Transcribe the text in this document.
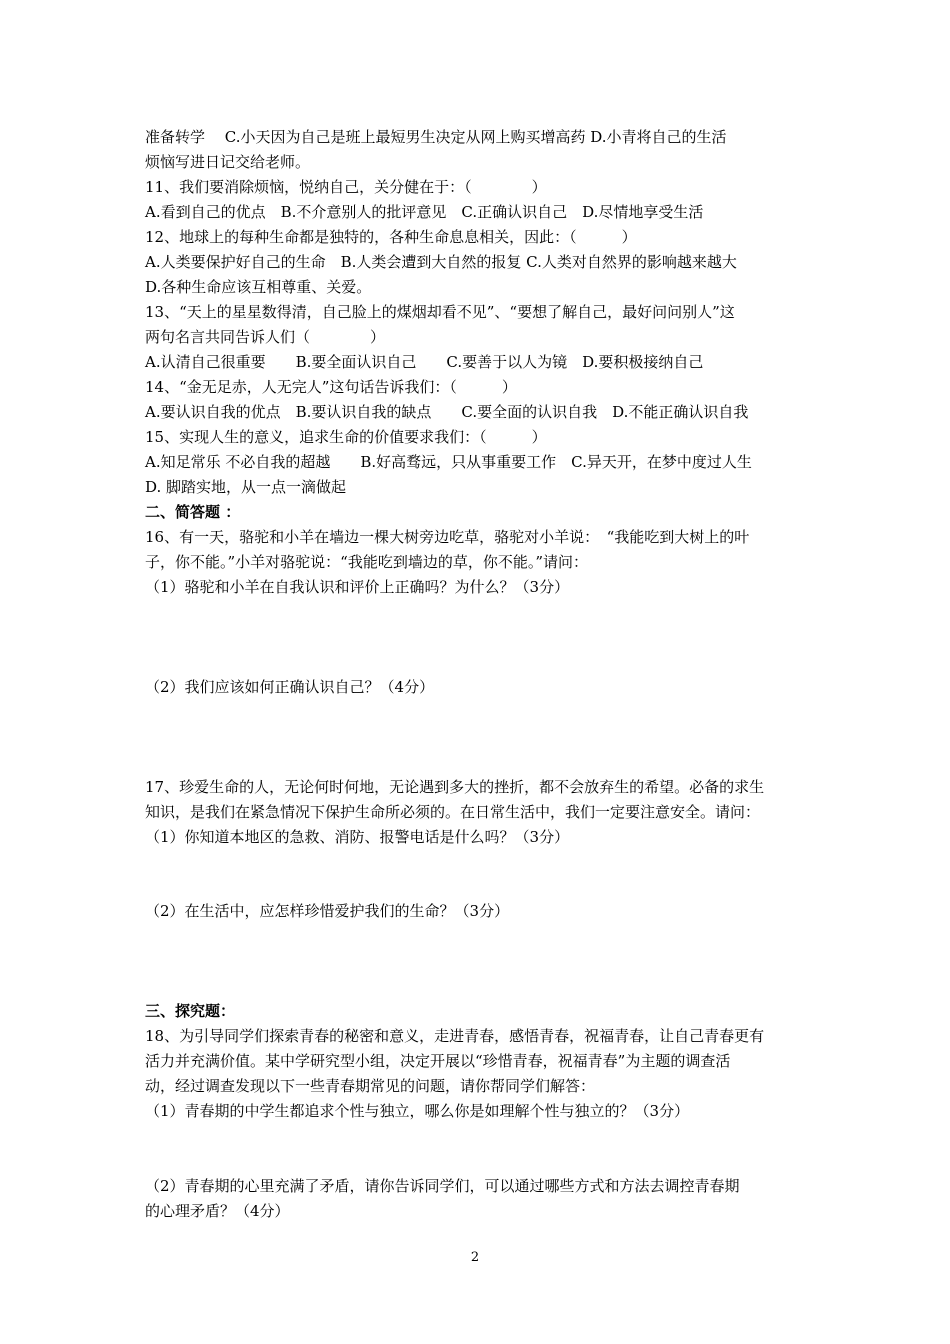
准备转学　 C.小天因为自己是班上最短男生决定从网上购买增高药 D.小青将自己的生活
烦恼写进日记交给老师。
11、我们要消除烦恼，悦纳自己，关分健在于：（　　　　）
A.看到自己的优点　B.不介意别人的批评意见　C.正确认识自己　D.尽情地享受生活
12、地球上的每种生命都是独特的，各种生命息息相关，因此：（　　　）
A.人类要保护好自己的生命　B.人类会遭到大自然的报复 C.人类对自然界的影响越来越大
D.各种生命应该互相尊重、关爱。
13、“天上的星星数得清，自己脸上的煤烟却看不见”、“要想了解自己，最好问问别人”这
两句名言共同告诉人们（　　　　）
A.认清自己很重要　　B.要全面认识自己　　C.要善于以人为镜　D.要积极接纳自己
14、“金无足赤，人无完人”这句话告诉我们：（　　　）
A.要认识自我的优点　B.要认识自我的缺点　　C.要全面的认识自我　D.不能正确认识自我
15、实现人生的意义，追求生命的价值要求我们：（　　　）
A.知足常乐 不必自我的超越　　B.好高骛远，只从事重要工作　C.异天开，在梦中度过人生
D. 脚踏实地，从一点一滴做起
二、简答题 ：
16、有一天，骆驼和小羊在墙边一棵大树旁边吃草，骆驼对小羊说：　“我能吃到大树上的叶
子，你不能。”小羊对骆驼说：“我能吃到墙边的草，你不能。”请问：
（1）骆驼和小羊在自我认识和评价上正确吗？为什么？（3分）
（2）我们应该如何正确认识自己？（4分）
17、珍爱生命的人，无论何时何地，无论遇到多大的挫折，都不会放弃生的希望。必备的求生
知识，是我们在紧急情况下保护生命所必须的。在日常生活中，我们一定要注意安全。请问：
（1）你知道本地区的急救、消防、报警电话是什么吗？（3分）
（2）在生活中，应怎样珍惜爱护我们的生命？（3分）
三、探究题：
18、为引导同学们探索青春的秘密和意义，走进青春，感悟青春，祝福青春，让自己青春更有
活力并充满价值。某中学研究型小组，决定开展以“珍惜青春，祝福青春”为主题的调查活
动，经过调查发现以下一些青春期常见的问题，请你帮同学们解答：
（1）青春期的中学生都追求个性与独立，哪么你是如理解个性与独立的？（3分）
（2）青春期的心里充满了矛盾，请你告诉同学们，可以通过哪些方式和方法去调控青春期
的心理矛盾？（4分）
2
